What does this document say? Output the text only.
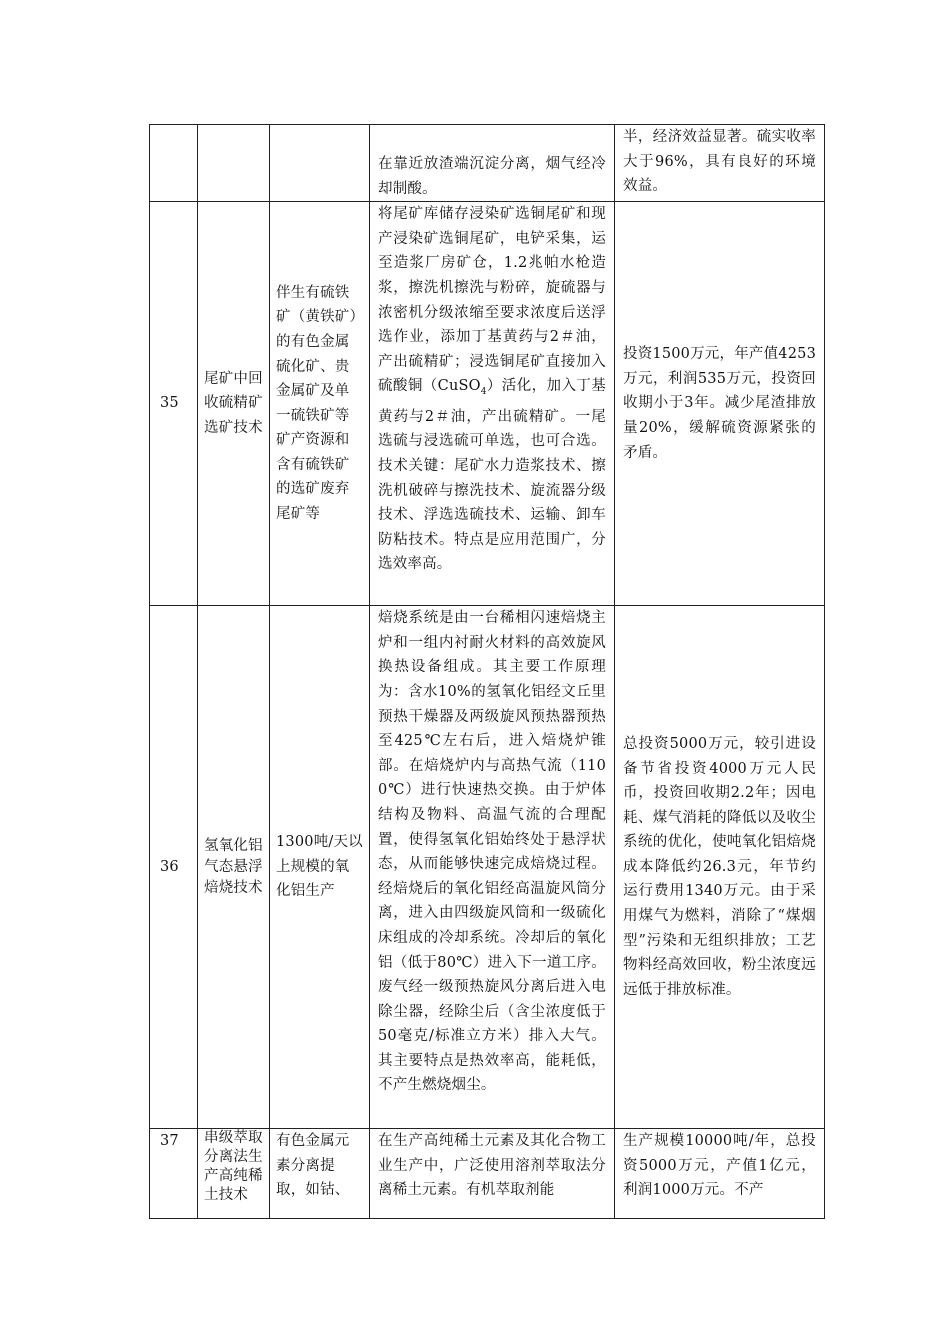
			在靠近放渣端沉淀分离，烟气经冷却制酸。	半，经济效益显著。硫实收率大于96%，具有良好的环境效益。
35	尾矿中回收硫精矿选矿技术	伴生有硫铁矿（黄铁矿）的有色金属硫化矿、贵金属矿及单一硫铁矿等矿产资源和含有硫铁矿的选矿废弃尾矿等	将尾矿库储存浸染矿选铜尾矿和现产浸染矿选铜尾矿，电铲采集，运至造浆厂房矿仓，1.2兆帕水枪造浆，擦洗机擦洗与粉碎，旋硫器与浓密机分级浓缩至要求浓度后送浮选作业，添加丁基黄药与2＃油，产出硫精矿；浸选铜尾矿直接加入硫酸铜（CuSO$_4$）活化，加入丁基黄药与2＃油，产出硫精矿。一尾选硫与浸选硫可单选，也可合选。技术关键：尾矿水力造浆技术、擦洗机破碎与擦洗技术、旋流器分级技术、浮选选硫技术、运输、卸车防粘技术。特点是应用范围广，分选效率高。	投资1500万元，年产值4253万元，利润535万元，投资回收期小于3年。减少尾渣排放量20%，缓解硫资源紧张的矛盾。
36	氢氧化铝气态悬浮焙烧技术	1300吨/天以上规模的氧化铝生产	焙烧系统是由一台稀相闪速焙烧主炉和一组内衬耐火材料的高效旋风换热设备组成。其主要工作原理为：含水10%的氢氧化铝经文丘里预热干燥器及两级旋风预热器预热至425℃左右后，进入焙烧炉锥部。在焙烧炉内与高热气流（1100℃）进行快速热交换。由于炉体结构及物料、高温气流的合理配置，使得氢氧化铝始终处于悬浮状态，从而能够快速完成焙烧过程。经焙烧后的氧化铝经高温旋风筒分离，进入由四级旋风筒和一级硫化床组成的冷却系统。冷却后的氧化铝（低于80℃）进入下一道工序。废气经一级预热旋风分离后进入电除尘器，经除尘后（含尘浓度低于50毫克/标准立方米）排入大气。其主要特点是热效率高，能耗低，不产生燃烧烟尘。	总投资5000万元，较引进设备节省投资4000万元人民币，投资回收期2.2年；因电耗、煤气消耗的降低以及收尘系统的优化，使吨氧化铝焙烧成本降低约26.3元，年节约运行费用1340万元。由于采用煤气为燃料，消除了“煤烟型”污染和无组织排放；工艺物料经高效回收，粉尘浓度远远低于排放标准。
37	串级萃取分离法生产高纯稀土技术	有色金属元素分离提取，如钴、	在生产高纯稀土元素及其化合物工业生产中，广泛使用溶剂萃取法分离稀土元素。有机萃取剂能	生产规模10000吨/年，总投资5000万元，产值1亿元，利润1000万元。不产
